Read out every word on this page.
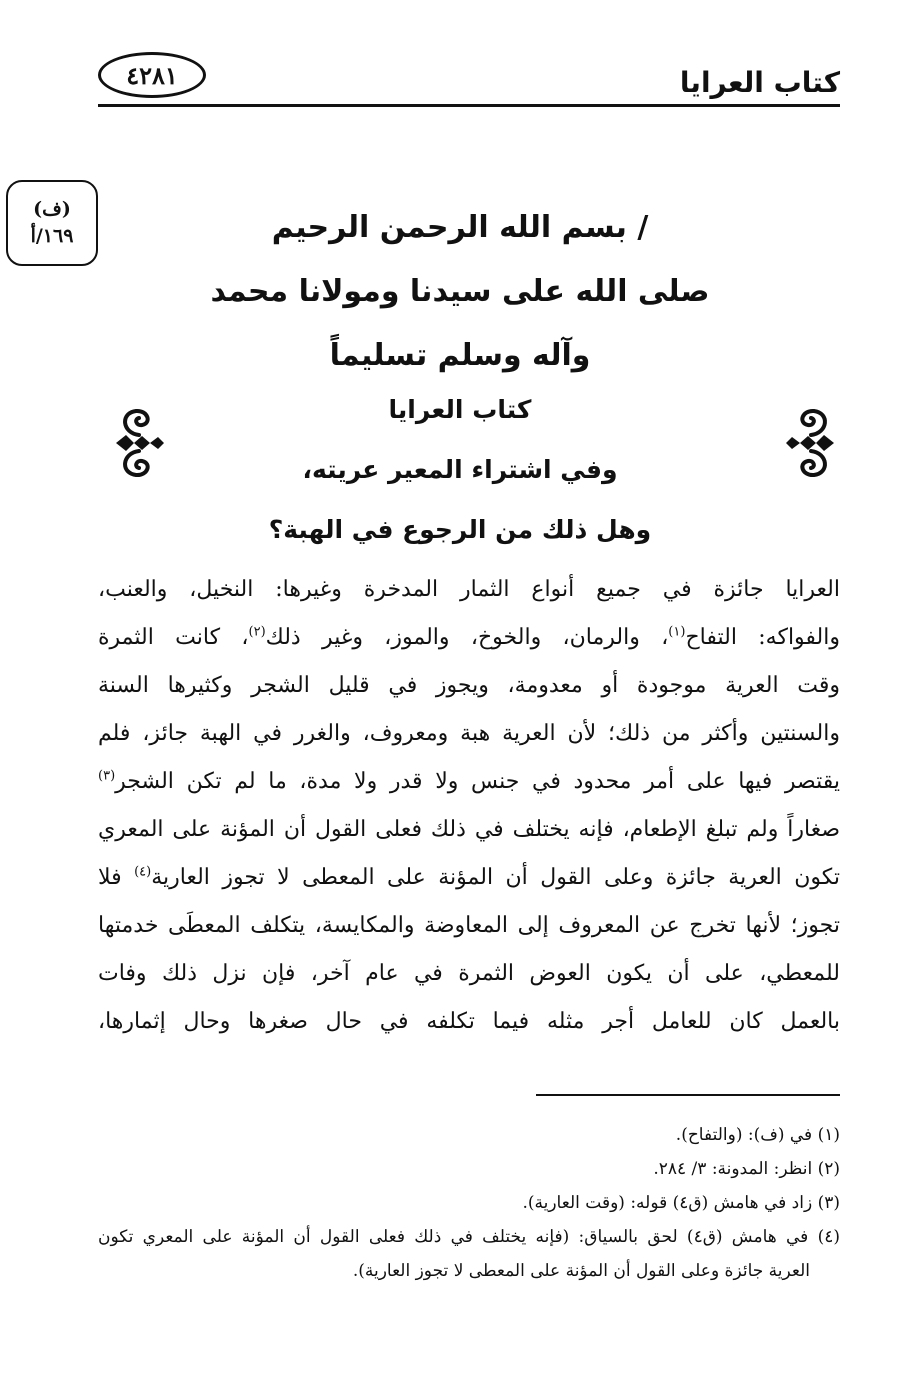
٤٢٨١	كتاب العرايا
(ف)
١٦٩/أ	/ بسم الله الرحمن الرحيم
صلى الله على سيدنا ومولانا محمد
وآله وسلم تسليماً
كتاب العرايا
وفي اشتراء المعير عريته،
وهل ذلك من الرجوع في الهبة؟
العرايا جائزة في جميع أنواع الثمار المدخرة وغيرها: النخيل، والعنب،
والفواكه: التفاح$^{(١)}$، والرمان، والخوخ، والموز، وغير ذلك$^{(٢)}$، كانت الثمرة
وقت العرية موجودة أو معدومة، ويجوز في قليل الشجر وكثيرها السنة
والسنتين وأكثر من ذلك؛ لأن العرية هبة ومعروف، والغرر في الهبة جائز، فلم
يقتصر فيها على أمر محدود في جنس ولا قدر ولا مدة، ما لم تكن الشجر$^{(٣)}$
صغاراً ولم تبلغ الإطعام، فإنه يختلف في ذلك فعلى القول أن المؤنة على المعري
تكون العرية جائزة وعلى القول أن المؤنة على المعطى لا تجوز العارية$^{(٤)}$ فلا
تجوز؛ لأنها تخرج عن المعروف إلى المعاوضة والمكايسة، يتكلف المعطَى خدمتها
للمعطي، على أن يكون العوض الثمرة في عام آخر، فإن نزل ذلك وفات
بالعمل كان للعامل أجر مثله فيما تكلفه في حال صغرها وحال إثمارها،
(١) في (ف): (والتفاح).
(٢) انظر: المدونة: ٣/ ٢٨٤.
(٣) زاد في هامش (ق٤) قوله: (وقت العارية).
(٤) في هامش (ق٤) لحق بالسياق: (فإنه يختلف في ذلك فعلى القول أن المؤنة على المعري تكون
العرية جائزة وعلى القول أن المؤنة على المعطى لا تجوز العارية).
